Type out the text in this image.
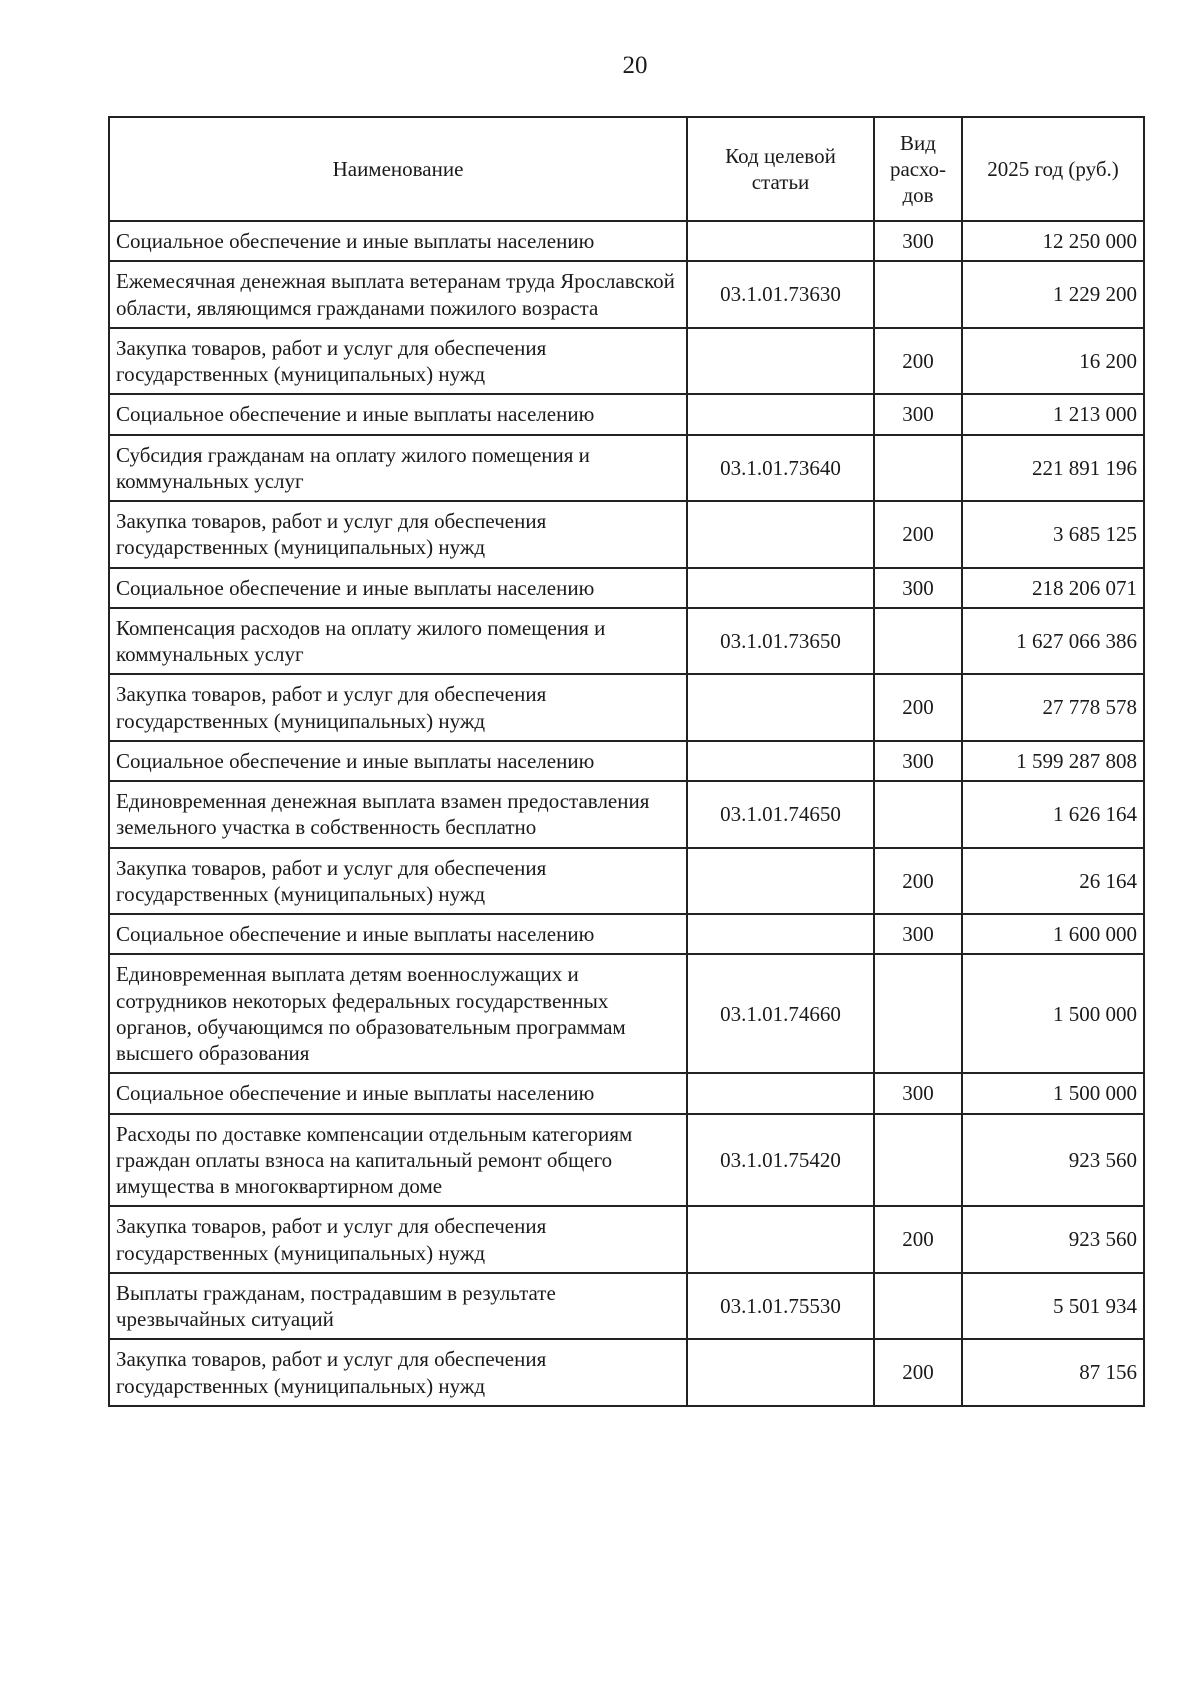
20
Наименование	Код целевой статьи	Вид расхо-дов	2025 год (руб.)
Социальное обеспечение и иные выплаты населению		300	12 250 000
Ежемесячная денежная выплата ветеранам труда Ярославской области, являющимся гражданами пожилого возраста	03.1.01.73630		1 229 200
Закупка товаров, работ и услуг для обеспечения государственных (муниципальных) нужд		200	16 200
Социальное обеспечение и иные выплаты населению		300	1 213 000
Субсидия гражданам на оплату жилого помещения и коммунальных услуг	03.1.01.73640		221 891 196
Закупка товаров, работ и услуг для обеспечения государственных (муниципальных) нужд		200	3 685 125
Социальное обеспечение и иные выплаты населению		300	218 206 071
Компенсация расходов на оплату жилого помещения и коммунальных услуг	03.1.01.73650		1 627 066 386
Закупка товаров, работ и услуг для обеспечения государственных (муниципальных) нужд		200	27 778 578
Социальное обеспечение и иные выплаты населению		300	1 599 287 808
Единовременная денежная выплата взамен предоставления земельного участка в собственность бесплатно	03.1.01.74650		1 626 164
Закупка товаров, работ и услуг для обеспечения государственных (муниципальных) нужд		200	26 164
Социальное обеспечение и иные выплаты населению		300	1 600 000
Единовременная выплата детям военнослужащих и сотрудников некоторых федеральных государственных органов, обучающимся по образовательным программам высшего образования	03.1.01.74660		1 500 000
Социальное обеспечение и иные выплаты населению		300	1 500 000
Расходы по доставке компенсации отдельным категориям граждан оплаты взноса на капитальный ремонт общего имущества в многоквартирном доме	03.1.01.75420		923 560
Закупка товаров, работ и услуг для обеспечения государственных (муниципальных) нужд		200	923 560
Выплаты гражданам, пострадавшим в результате чрезвычайных ситуаций	03.1.01.75530		5 501 934
Закупка товаров, работ и услуг для обеспечения государственных (муниципальных) нужд		200	87 156
